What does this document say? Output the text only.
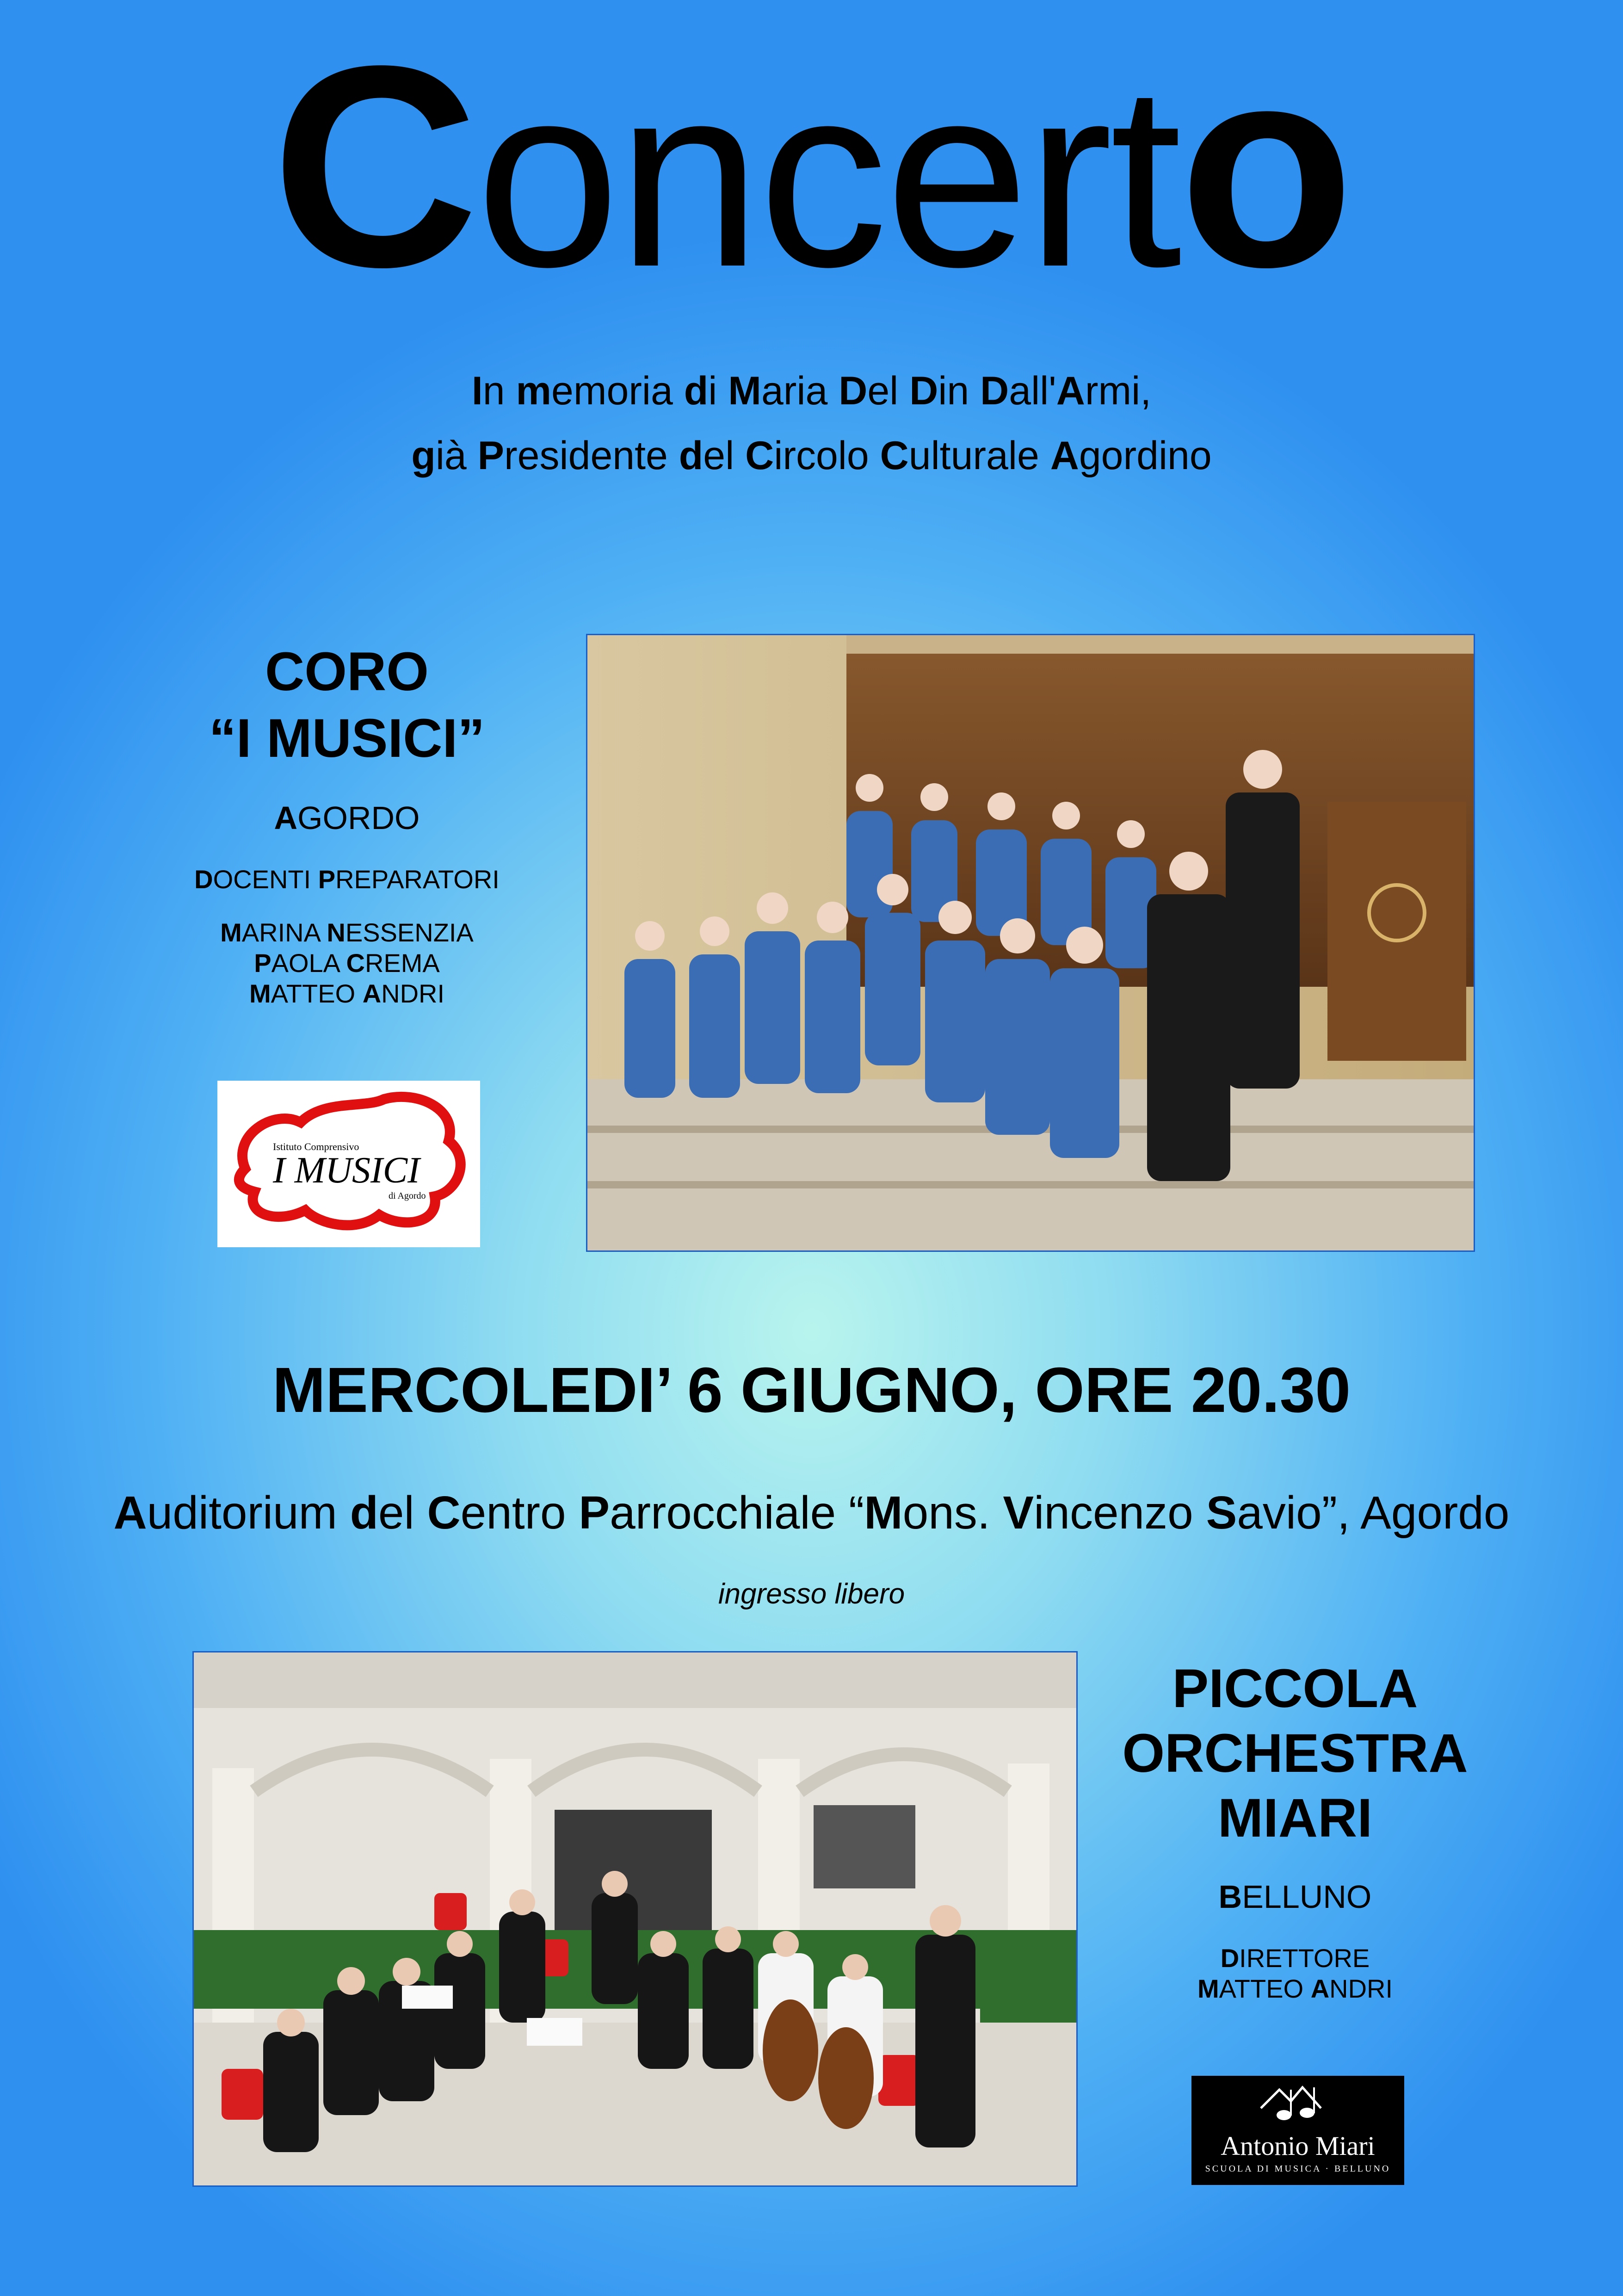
Concerto
In memoria di Maria Del Din Dall'Armi,
già Presidente del Circolo Culturale Agordino
CORO
“I MUSICI”
AGORDO
DOCENTI PREPARATORI
MARINA NESSENZIA
PAOLA CREMA
MATTEO ANDRI
Istituto Comprensivo
I MUSICI
di Agordo
MERCOLEDI’ 6 GIUGNO, ORE 20.30
Auditorium del Centro Parrocchiale “Mons. Vincenzo Savio”, Agordo
ingresso libero
PICCOLA
ORCHESTRA
MIARI
BELLUNO
DIRETTORE
MATTEO ANDRI
Antonio Miari
SCUOLA DI MUSICA · BELLUNO
